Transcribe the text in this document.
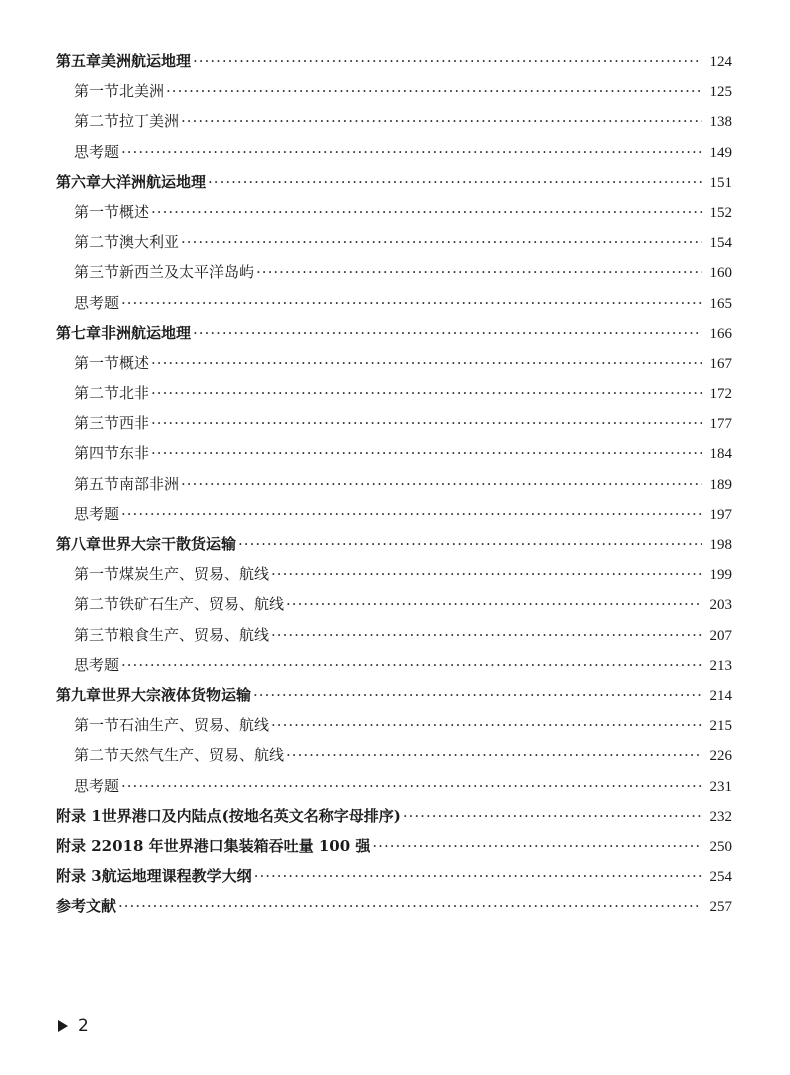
第五章 美洲航运地理 ·····	124
第一节 北美洲 ·····	125
第二节 拉丁美洲 ·····	138
思考题 ·····	149
第六章 大洋洲航运地理 ·····	151
第一节 概述 ·····	152
第二节 澳大利亚 ·····	154
第三节 新西兰及太平洋岛屿 ·····	160
思考题 ·····	165
第七章 非洲航运地理 ·····	166
第一节 概述 ·····	167
第二节 北非 ·····	172
第三节 西非 ·····	177
第四节 东非 ·····	184
第五节 南部非洲 ·····	189
思考题 ·····	197
第八章 世界大宗干散货运输 ·····	198
第一节 煤炭生产、贸易、航线 ·····	199
第二节 铁矿石生产、贸易、航线 ·····	203
第三节 粮食生产、贸易、航线 ·····	207
思考题 ·····	213
第九章 世界大宗液体货物运输 ·····	214
第一节 石油生产、贸易、航线 ·····	215
第二节 天然气生产、贸易、航线 ·····	226
思考题 ·····	231
附录 1 世界港口及内陆点(按地名英文名称字母排序) ·····	232
附录 2 2018 年世界港口集装箱吞吐量 100 强 ·····	250
附录 3 航运地理课程教学大纲 ·····	254
参考文献 ·····	257
2
